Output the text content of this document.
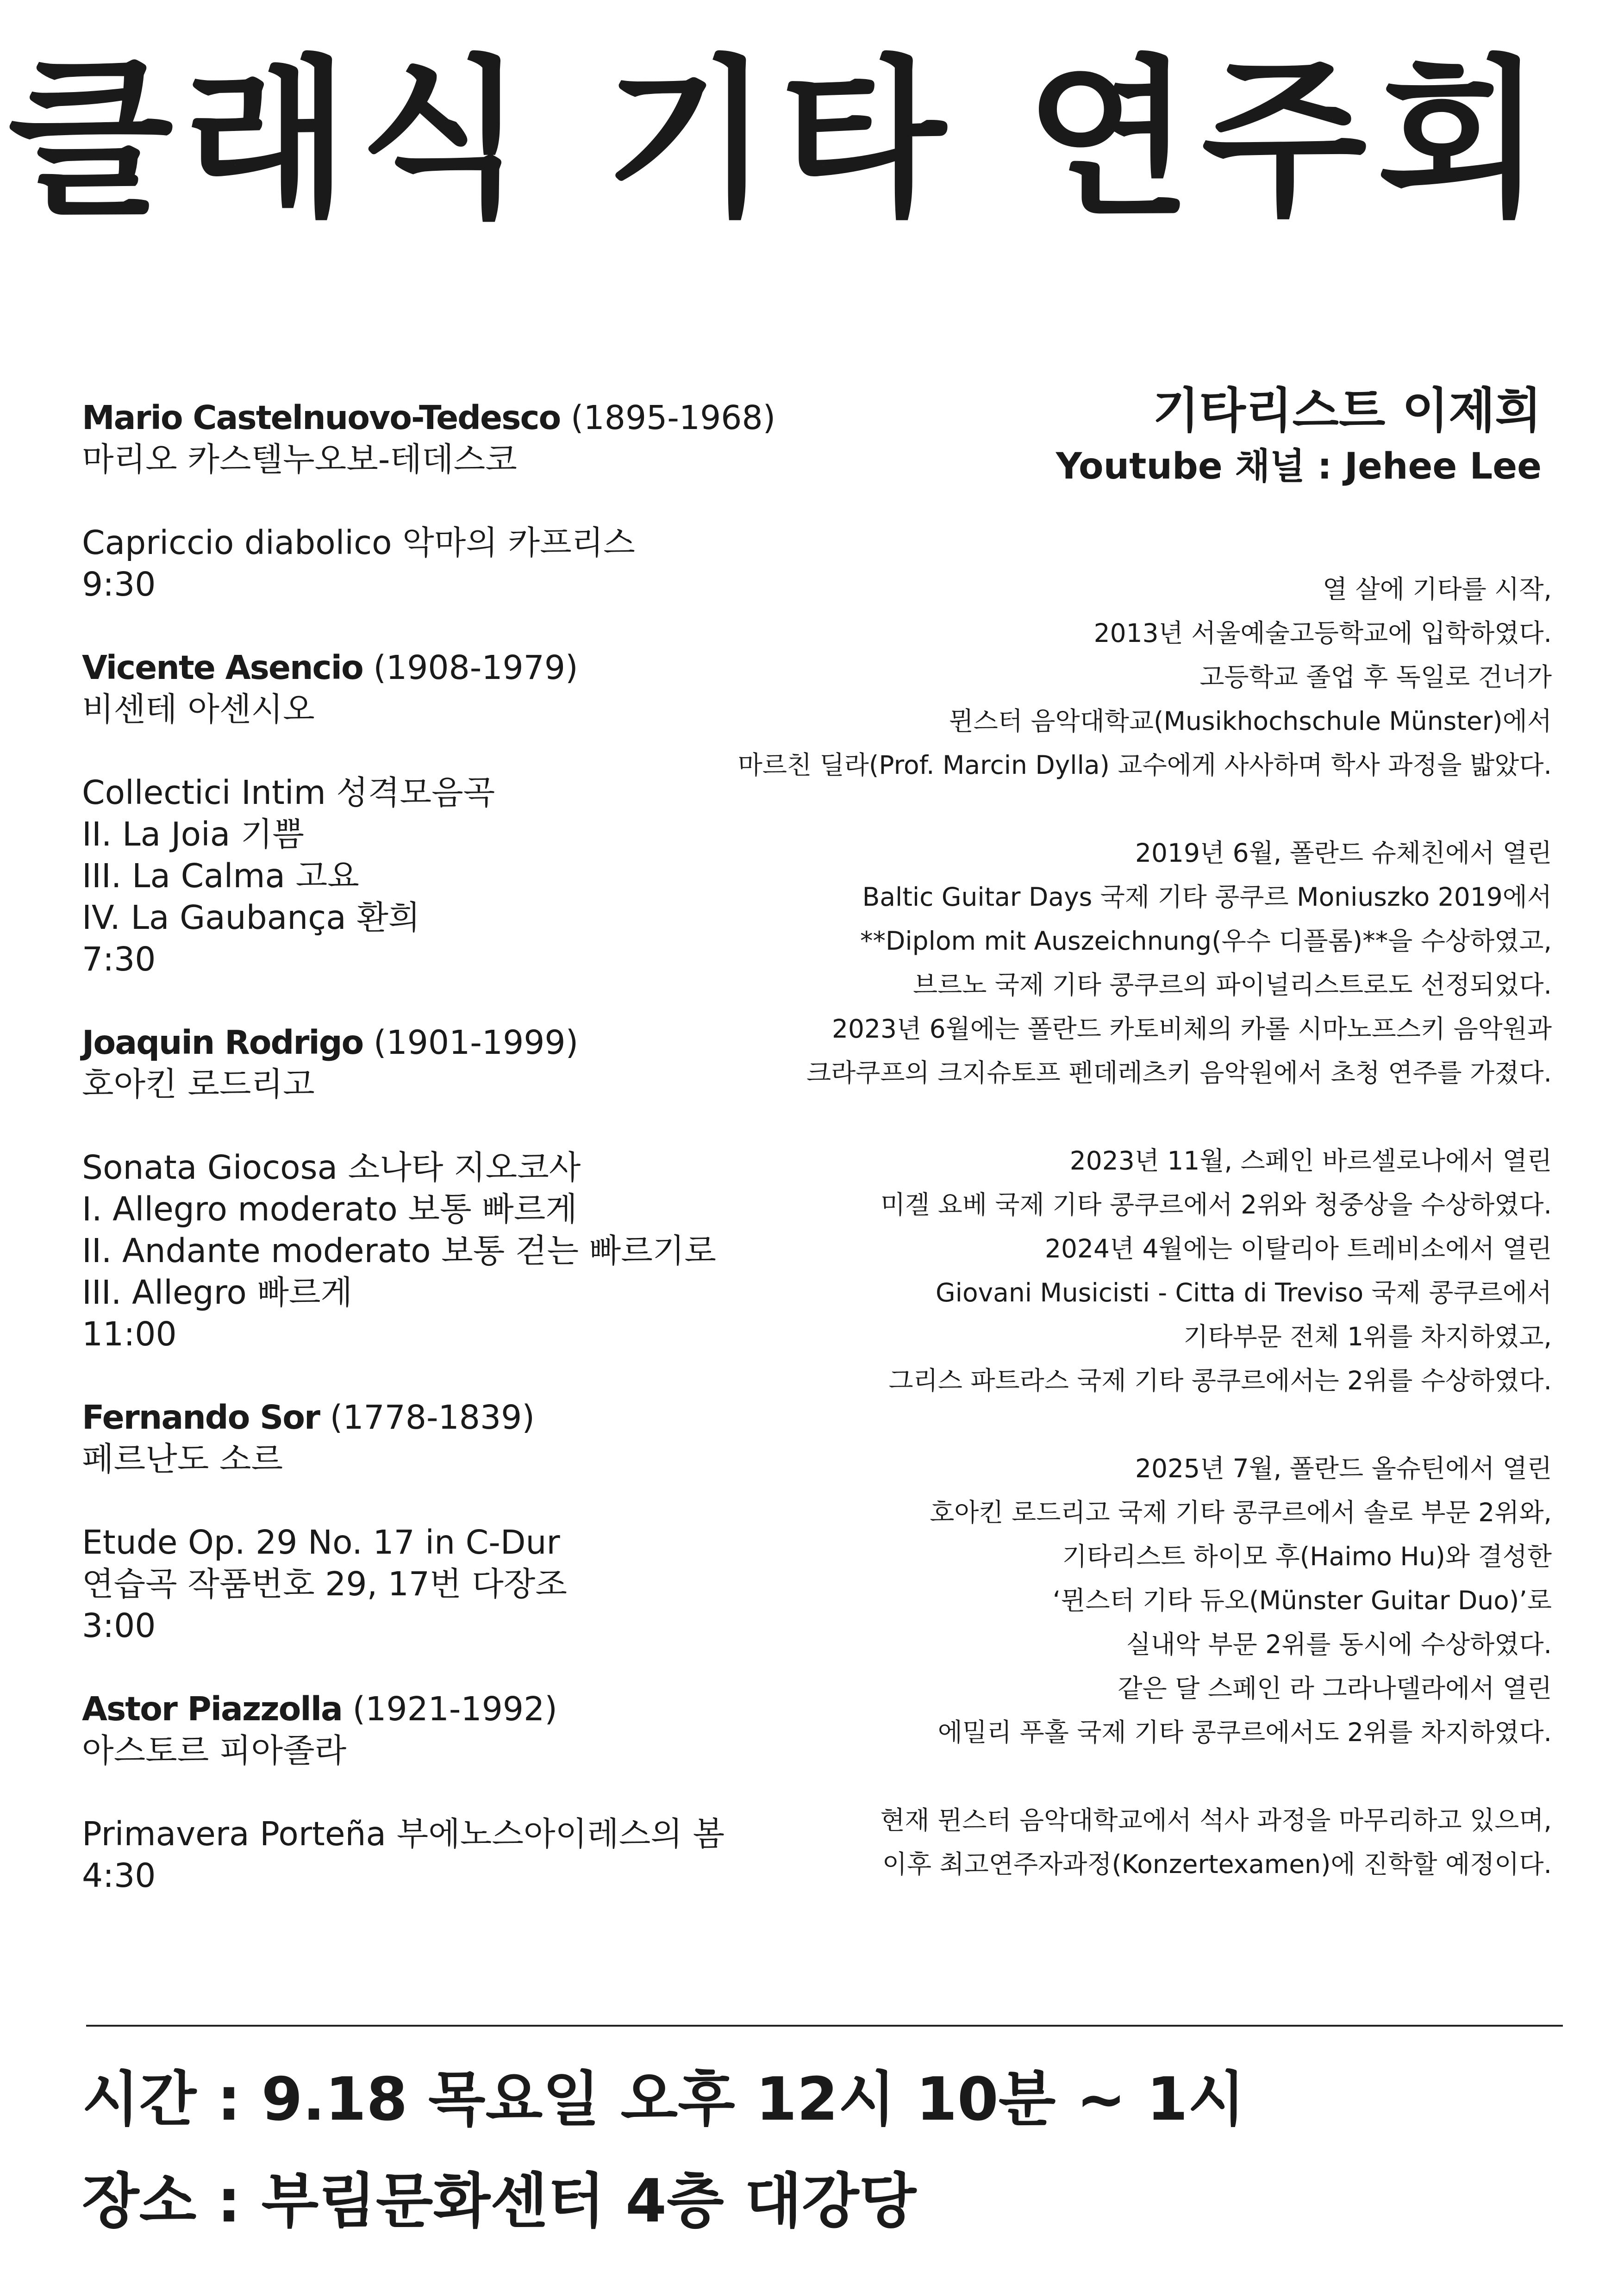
클래식 기타 연주회
Mario Castelnuovo-Tedesco (1895-1968)
마리오 카스텔누오보-테데스코
Capriccio diabolico 악마의 카프리스
9:30
Vicente Asencio (1908-1979)
비센테 아센시오
Collectici Intim 성격모음곡
II. La Joia 기쁨
III. La Calma 고요
IV. La Gaubança 환희
7:30
Joaquin Rodrigo (1901-1999)
호아킨 로드리고
Sonata Giocosa 소나타 지오코사
I. Allegro moderato 보통 빠르게
II. Andante moderato 보통 걷는 빠르기로
III. Allegro 빠르게
11:00
Fernando Sor (1778-1839)
페르난도 소르
Etude Op. 29 No. 17 in C-Dur
연습곡 작품번호 29, 17번 다장조
3:00
Astor Piazzolla (1921-1992)
아스토르 피아졸라
Primavera Porteña 부에노스아이레스의 봄
4:30
기타리스트 이제희
Youtube 채널 : Jehee Lee
열 살에 기타를 시작,
2013년 서울예술고등학교에 입학하였다.
고등학교 졸업 후 독일로 건너가
뮌스터 음악대학교(Musikhochschule Münster)에서
마르친 딜라(Prof. Marcin Dylla) 교수에게 사사하며 학사 과정을 밟았다.
2019년 6월, 폴란드 슈체친에서 열린
Baltic Guitar Days 국제 기타 콩쿠르 Moniuszko 2019에서
**Diplom mit Auszeichnung(우수 디플롬)**을 수상하였고,
브르노 국제 기타 콩쿠르의 파이널리스트로도 선정되었다.
2023년 6월에는 폴란드 카토비체의 카롤 시마노프스키 음악원과
크라쿠프의 크지슈토프 펜데레츠키 음악원에서 초청 연주를 가졌다.
2023년 11월, 스페인 바르셀로나에서 열린
미겔 요베 국제 기타 콩쿠르에서 2위와 청중상을 수상하였다.
2024년 4월에는 이탈리아 트레비소에서 열린
Giovani Musicisti - Citta di Treviso 국제 콩쿠르에서
기타부문 전체 1위를 차지하였고,
그리스 파트라스 국제 기타 콩쿠르에서는 2위를 수상하였다.
2025년 7월, 폴란드 올슈틴에서 열린
호아킨 로드리고 국제 기타 콩쿠르에서 솔로 부문 2위와,
기타리스트 하이모 후(Haimo Hu)와 결성한
‘뮌스터 기타 듀오(Münster Guitar Duo)’로
실내악 부문 2위를 동시에 수상하였다.
같은 달 스페인 라 그라나델라에서 열린
에밀리 푸홀 국제 기타 콩쿠르에서도 2위를 차지하였다.
현재 뮌스터 음악대학교에서 석사 과정을 마무리하고 있으며,
이후 최고연주자과정(Konzertexamen)에 진학할 예정이다.
시간 : 9.18 목요일 오후 12시 10분 ~ 1시
장소 : 부림문화센터 4층 대강당
